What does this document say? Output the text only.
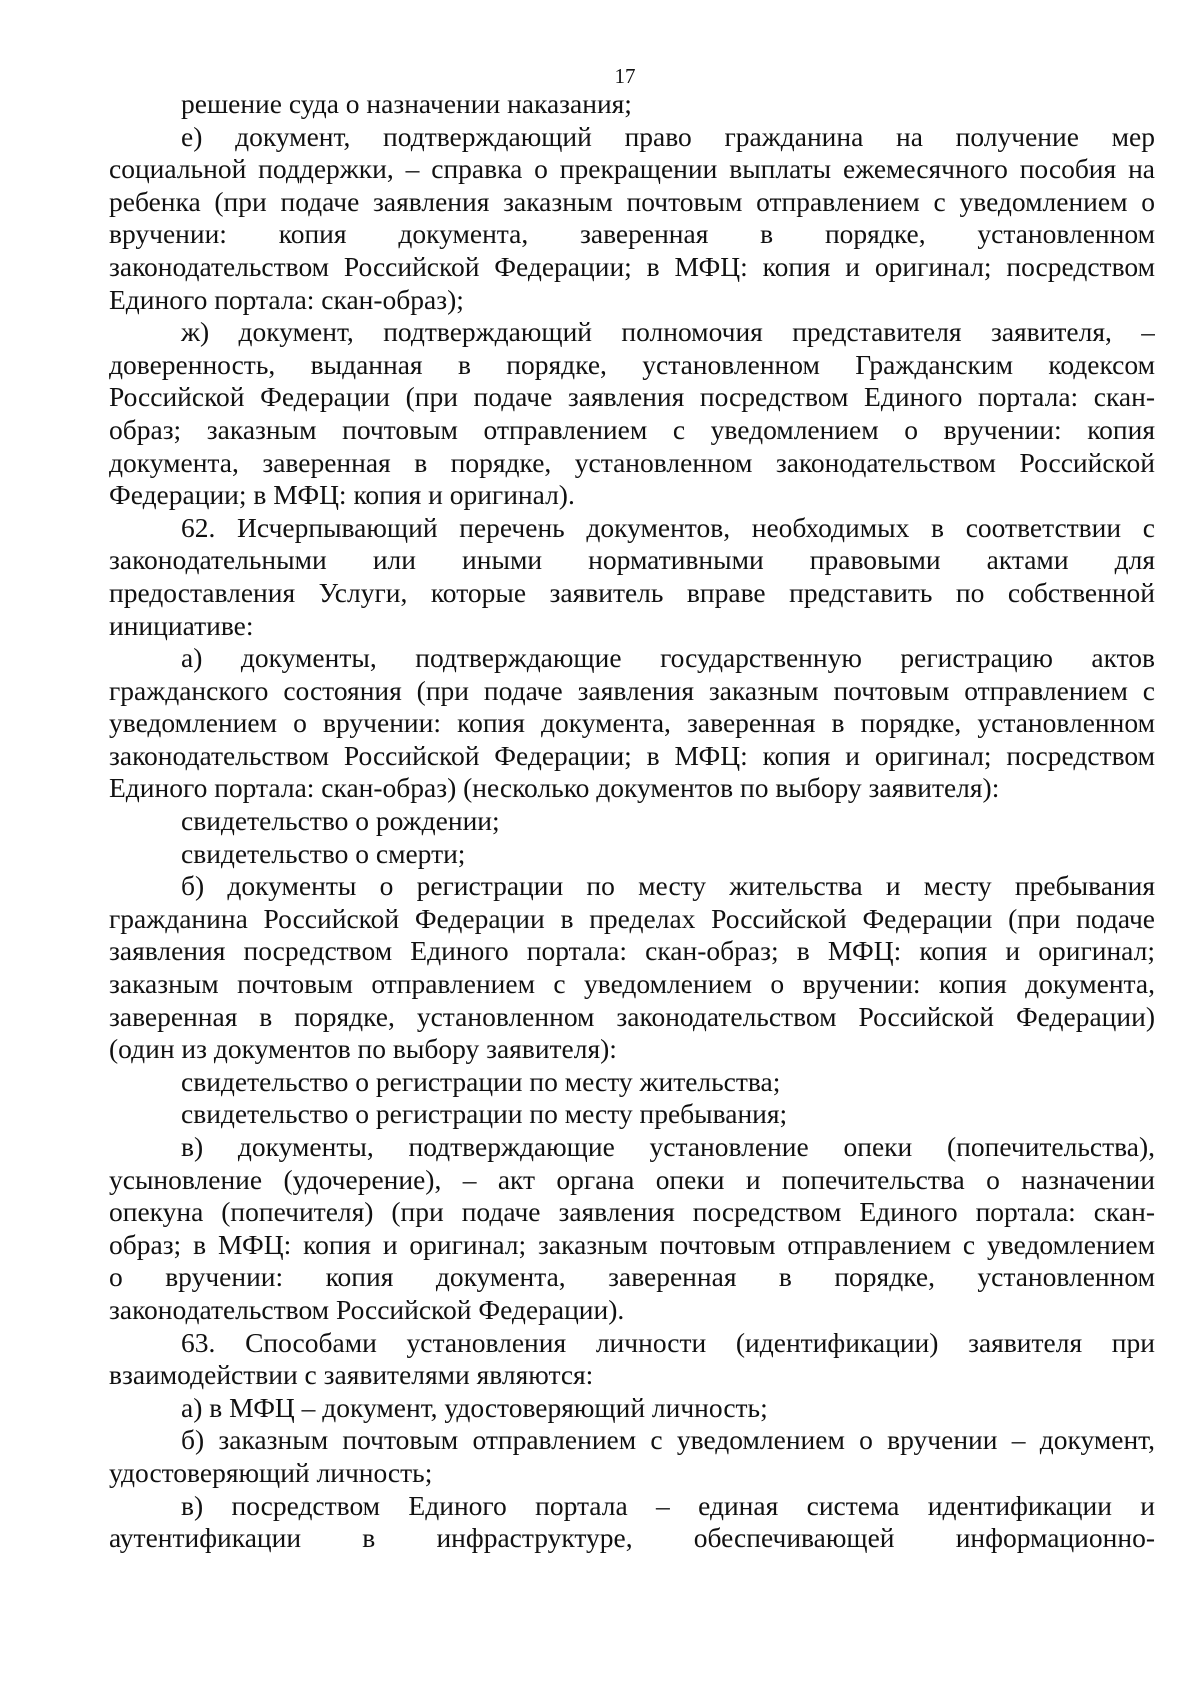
17
решение суда о назначении наказания;
е) документ, подтверждающий право гражданина на получение мер
социальной поддержки, – справка о прекращении выплаты ежемесячного пособия на
ребенка (при подаче заявления заказным почтовым отправлением с уведомлением о
вручении: копия документа, заверенная в порядке, установленном
законодательством Российской Федерации; в МФЦ: копия и оригинал; посредством
Единого портала: скан-образ);
ж) документ, подтверждающий полномочия представителя заявителя, –
доверенность, выданная в порядке, установленном Гражданским кодексом
Российской Федерации (при подаче заявления посредством Единого портала: скан-
образ; заказным почтовым отправлением с уведомлением о вручении: копия
документа, заверенная в порядке, установленном законодательством Российской
Федерации; в МФЦ: копия и оригинал).
62. Исчерпывающий перечень документов, необходимых в соответствии с
законодательными или иными нормативными правовыми актами для
предоставления Услуги, которые заявитель вправе представить по собственной
инициативе:
а) документы, подтверждающие государственную регистрацию актов
гражданского состояния (при подаче заявления заказным почтовым отправлением с
уведомлением о вручении: копия документа, заверенная в порядке, установленном
законодательством Российской Федерации; в МФЦ: копия и оригинал; посредством
Единого портала: скан-образ) (несколько документов по выбору заявителя):
свидетельство о рождении;
свидетельство о смерти;
б) документы о регистрации по месту жительства и месту пребывания
гражданина Российской Федерации в пределах Российской Федерации (при подаче
заявления посредством Единого портала: скан-образ; в МФЦ: копия и оригинал;
заказным почтовым отправлением с уведомлением о вручении: копия документа,
заверенная в порядке, установленном законодательством Российской Федерации)
(один из документов по выбору заявителя):
свидетельство о регистрации по месту жительства;
свидетельство о регистрации по месту пребывания;
в) документы, подтверждающие установление опеки (попечительства),
усыновление (удочерение), – акт органа опеки и попечительства о назначении
опекуна (попечителя) (при подаче заявления посредством Единого портала: скан-
образ; в МФЦ: копия и оригинал; заказным почтовым отправлением с уведомлением
о вручении: копия документа, заверенная в порядке, установленном
законодательством Российской Федерации).
63. Способами установления личности (идентификации) заявителя при
взаимодействии с заявителями являются:
а) в МФЦ – документ, удостоверяющий личность;
б) заказным почтовым отправлением с уведомлением о вручении – документ,
удостоверяющий личность;
в) посредством Единого портала – единая система идентификации и
аутентификации в инфраструктуре, обеспечивающей информационно-
